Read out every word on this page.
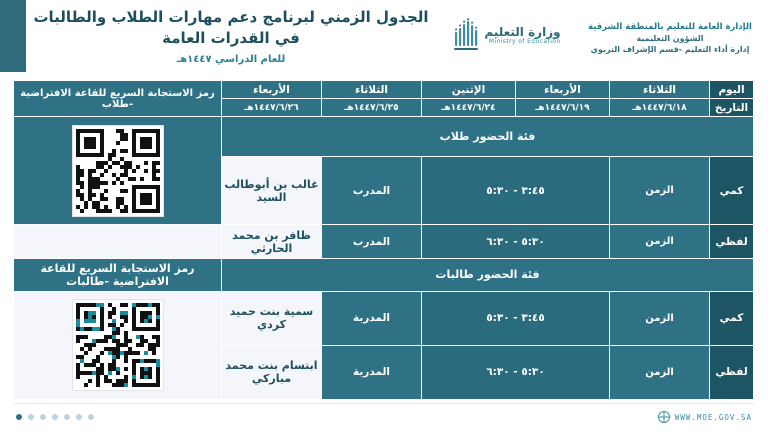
الإدارة العامة للتعليم بالمنطقة الشرقية
الشؤون التعليمية
إدارة أداء التعليم -قسم الإشراف التربوي
وزارة التعليم
Ministry of Education
الجدول الزمني لبرنامج دعم مهارات الطلاب والطالبات في القدرات العامة
للعام الدراسي ١٤٤٧هـ
اليوم	الثلاثاء	الأربعاء	الإثنين	الثلاثاء	الأربعاء	رمز الاستجابة السريع للقاعة الافتراضية -طلاب
التاريخ	١٤٤٧/٦/١٨هـ	١٤٤٧/٦/١٩هـ	١٤٤٧/٦/٢٤هـ	١٤٤٧/٦/٢٥هـ	١٤٤٧/٦/٢٦هـ	
فئة الحضور طلاب						

كمي	الزمن	٣:٤٥ - ٥:٣٠		المدرب	غالب بن أبوطالب السيد	
لفظي	الزمن	٥:٣٠ - ٦:٣٠		المدرب	ظافر بن محمد الحارثي	
فئة الحضور طالبات						رمز الاستجابة السريع للقاعة الافتراضية -طالبات
كمي	الزمن	٣:٤٥ - ٥:٣٠		المدربة	سمية بنت حميد كردي	

لفظي	الزمن	٥:٣٠ - ٦:٣٠		المدربة	ابتسام بنت محمد مباركي	
WWW.MOE.GOV.SA
